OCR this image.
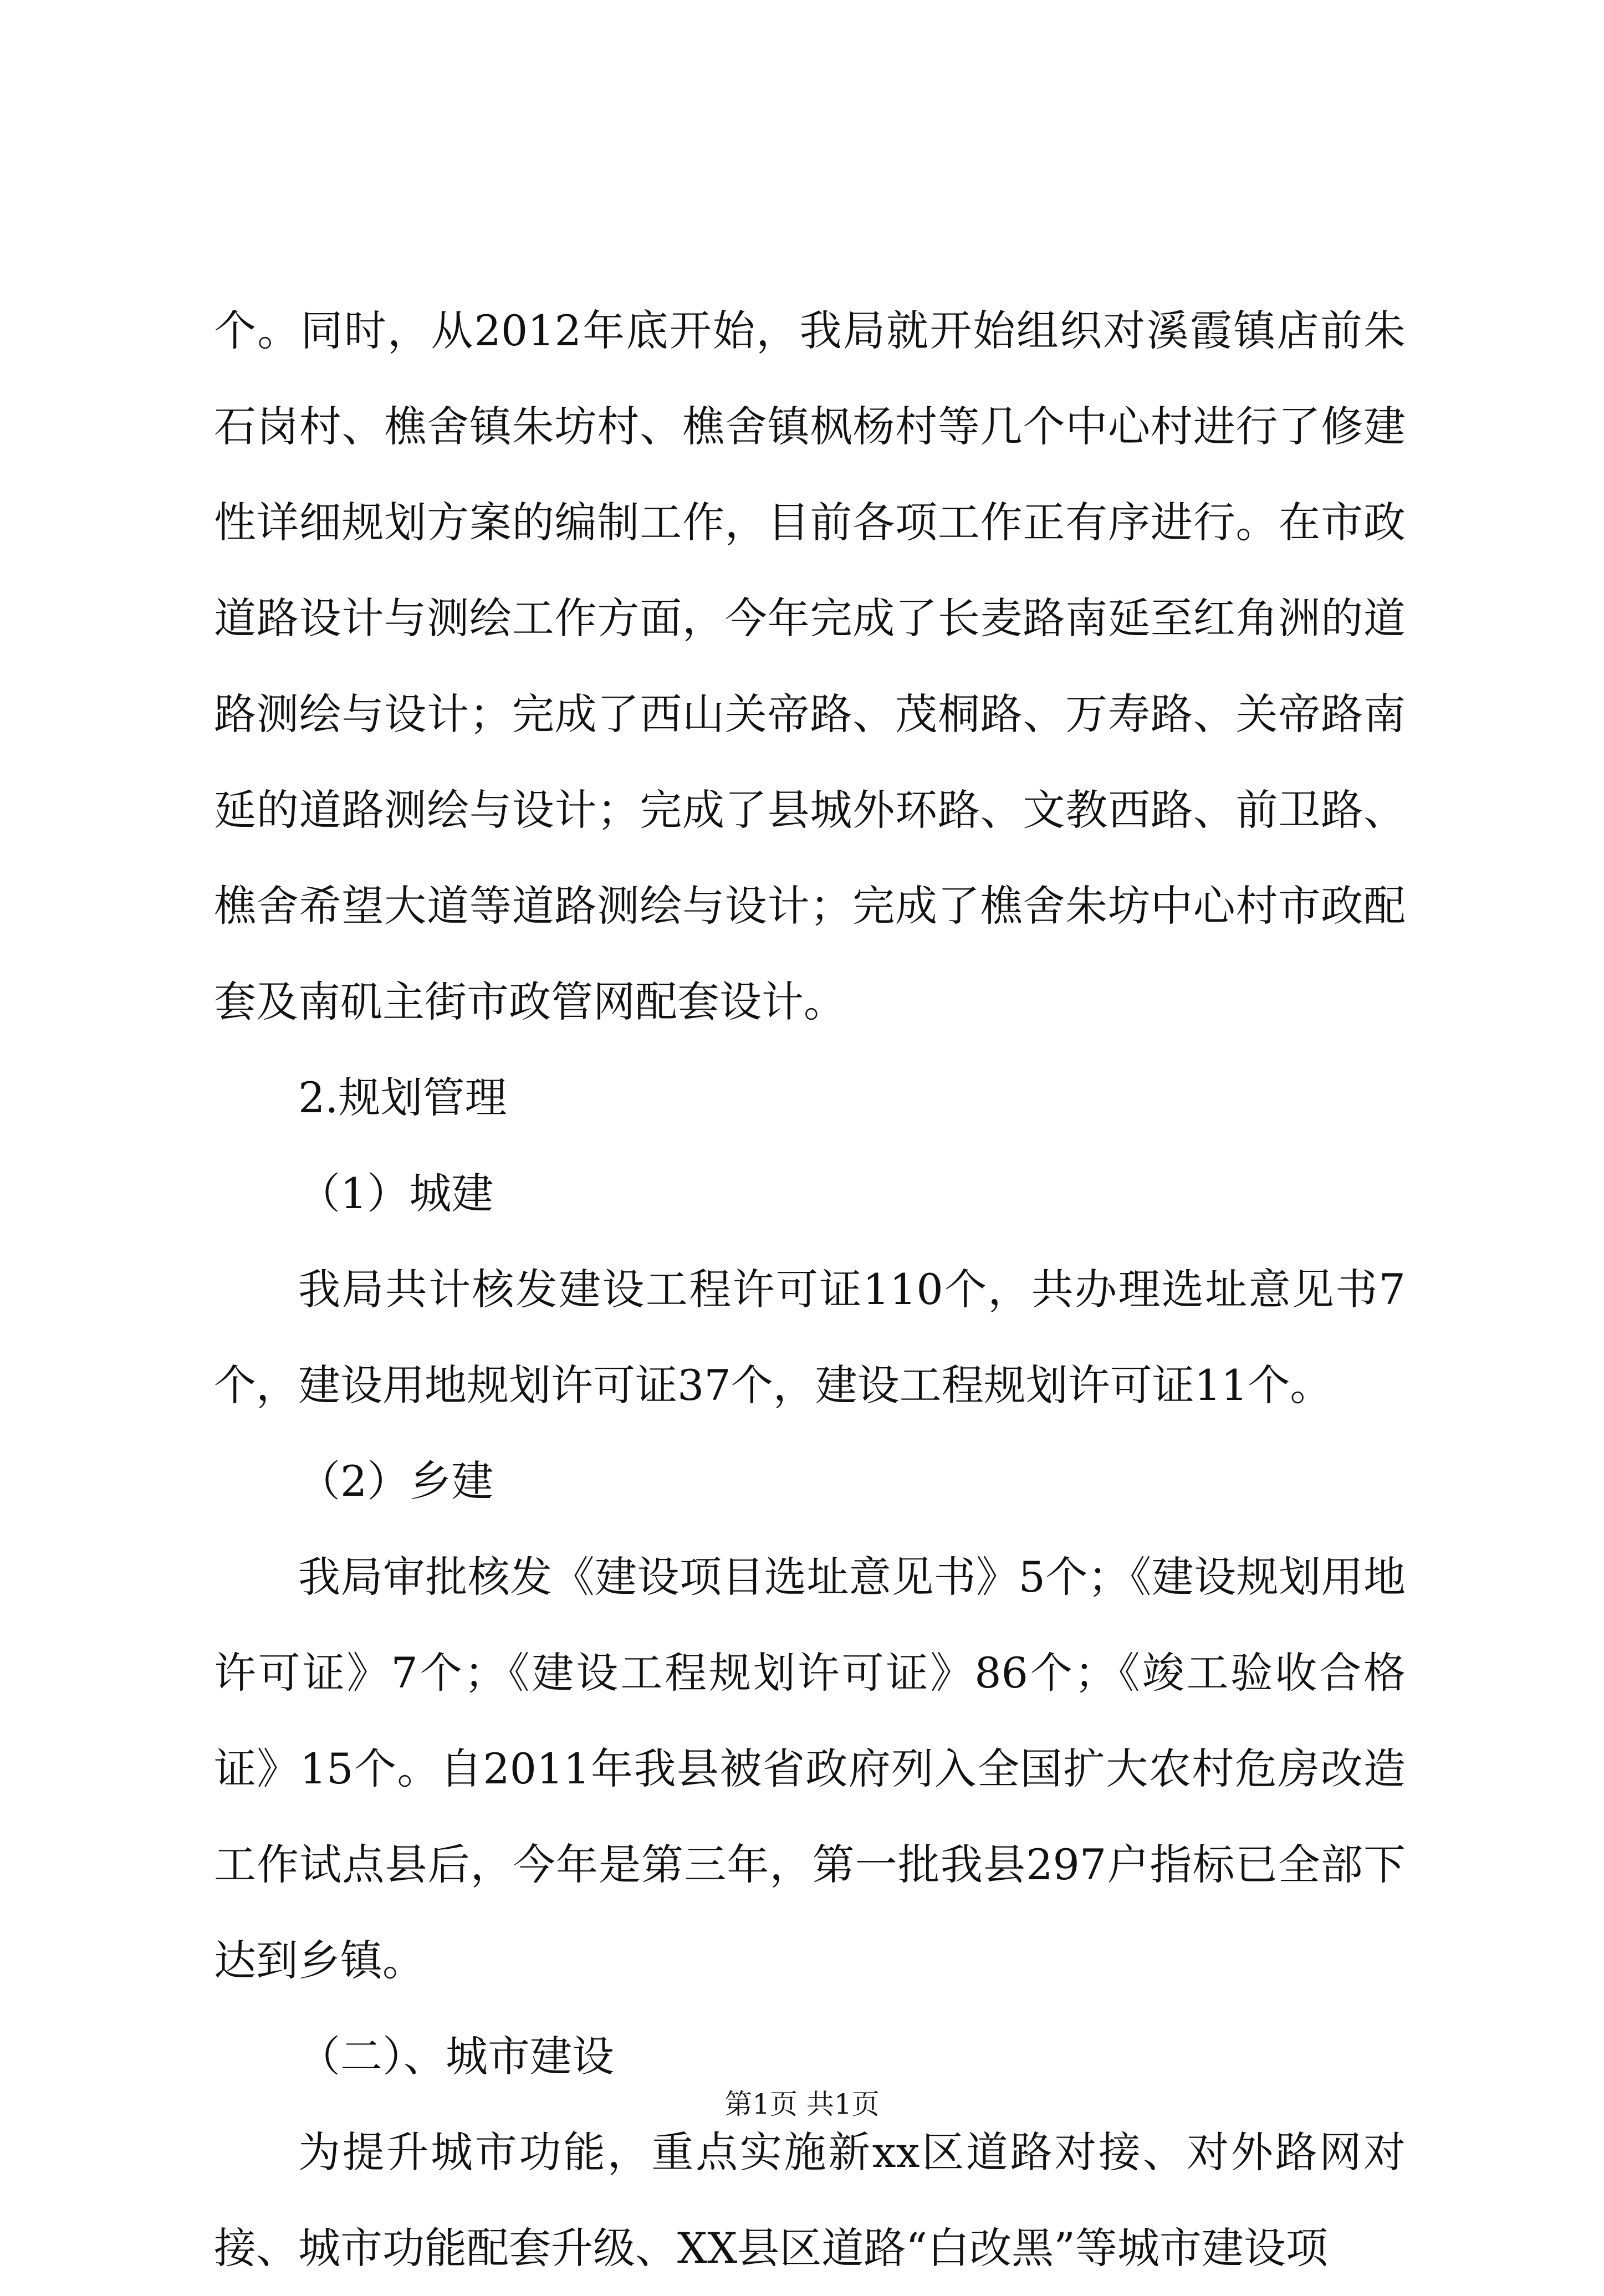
个。同时，从2012年底开始，我局就开始组织对溪霞镇店前朱石岗村、樵舍镇朱坊村、樵舍镇枫杨村等几个中心村进行了修建性详细规划方案的编制工作，目前各项工作正有序进行。在市政道路设计与测绘工作方面，今年完成了长麦路南延至红角洲的道路测绘与设计；完成了西山关帝路、茂桐路、万寿路、关帝路南延的道路测绘与设计；完成了县城外环路、文教西路、前卫路、樵舍希望大道等道路测绘与设计；完成了樵舍朱坊中心村市政配套及南矶主街市政管网配套设计。

2.规划管理

（1）城建

我局共计核发建设工程许可证110个，共办理选址意见书7个，建设用地规划许可证37个，建设工程规划许可证11个。

（2）乡建

我局审批核发《建设项目选址意见书》5个；《建设规划用地许可证》7个；《建设工程规划许可证》86个；《竣工验收合格证》15个。自2011年我县被省政府列入全国扩大农村危房改造工作试点县后，今年是第三年，第一批我县297户指标已全部下达到乡镇。

（二）、城市建设

为提升城市功能，重点实施新xx区道路对接、对外路网对接、城市功能配套升级、XX县区道路“白改黑”等城市建设项

第1页 共1页
